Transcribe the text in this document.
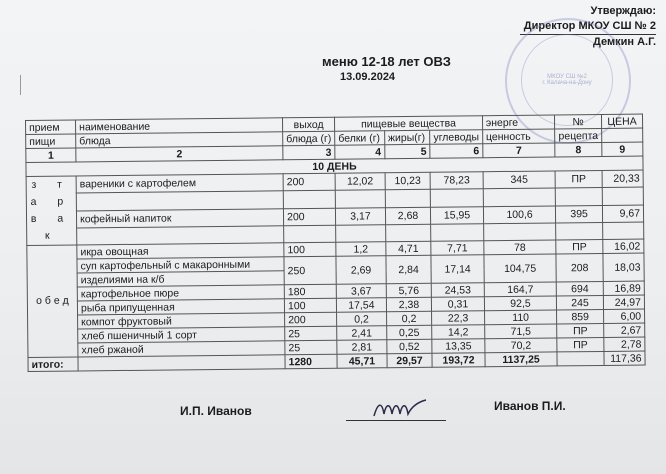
Утверждаю:
Директор МКОУ СШ № 2
Демкин А.Г.
МКОУ СШ №2
г. Калача-на-Дону
меню 12-18 лет ОВЗ
13.09.2024
прием	наименование	выход	пищевые вещества			энерге	№	ЦЕНА
пищи	блюда	блюда (г)	белки (г)	жиры(г)	углеводы	ценность	рецепта	
1	2	3	4	5	6	7	8	9
10 ДЕНЬ								
з т а р в а к	вареники с картофелем	200	12,02	10,23	78,23	345	ПР	20,33

	кофейный напиток	200	3,17	2,68	15,95	100,6	395	9,67

о б е д	икра овощная	100	1,2	4,71	7,71	78	ПР	16,02
	суп картофельный с макаронными	250	2,69	2,84	17,14	104,75	208	18,03
	изделиями на к/б							
	картофельное пюре	180	3,67	5,76	24,53	164,7	694	16,89
	рыба припущенная	100	17,54	2,38	0,31	92,5	245	24,97
	компот фруктовый	200	0,2	0,2	22,3	110	859	6,00
	хлеб пшеничный 1 сорт	25	2,41	0,25	14,2	71,5	ПР	2,67
	хлеб ржаной	25	2,81	0,52	13,35	70,2	ПР	2,78
итого:		1280	45,71	29,57	193,72	1137,25		117,36
И.П. Иванов	Иванов П.И.
